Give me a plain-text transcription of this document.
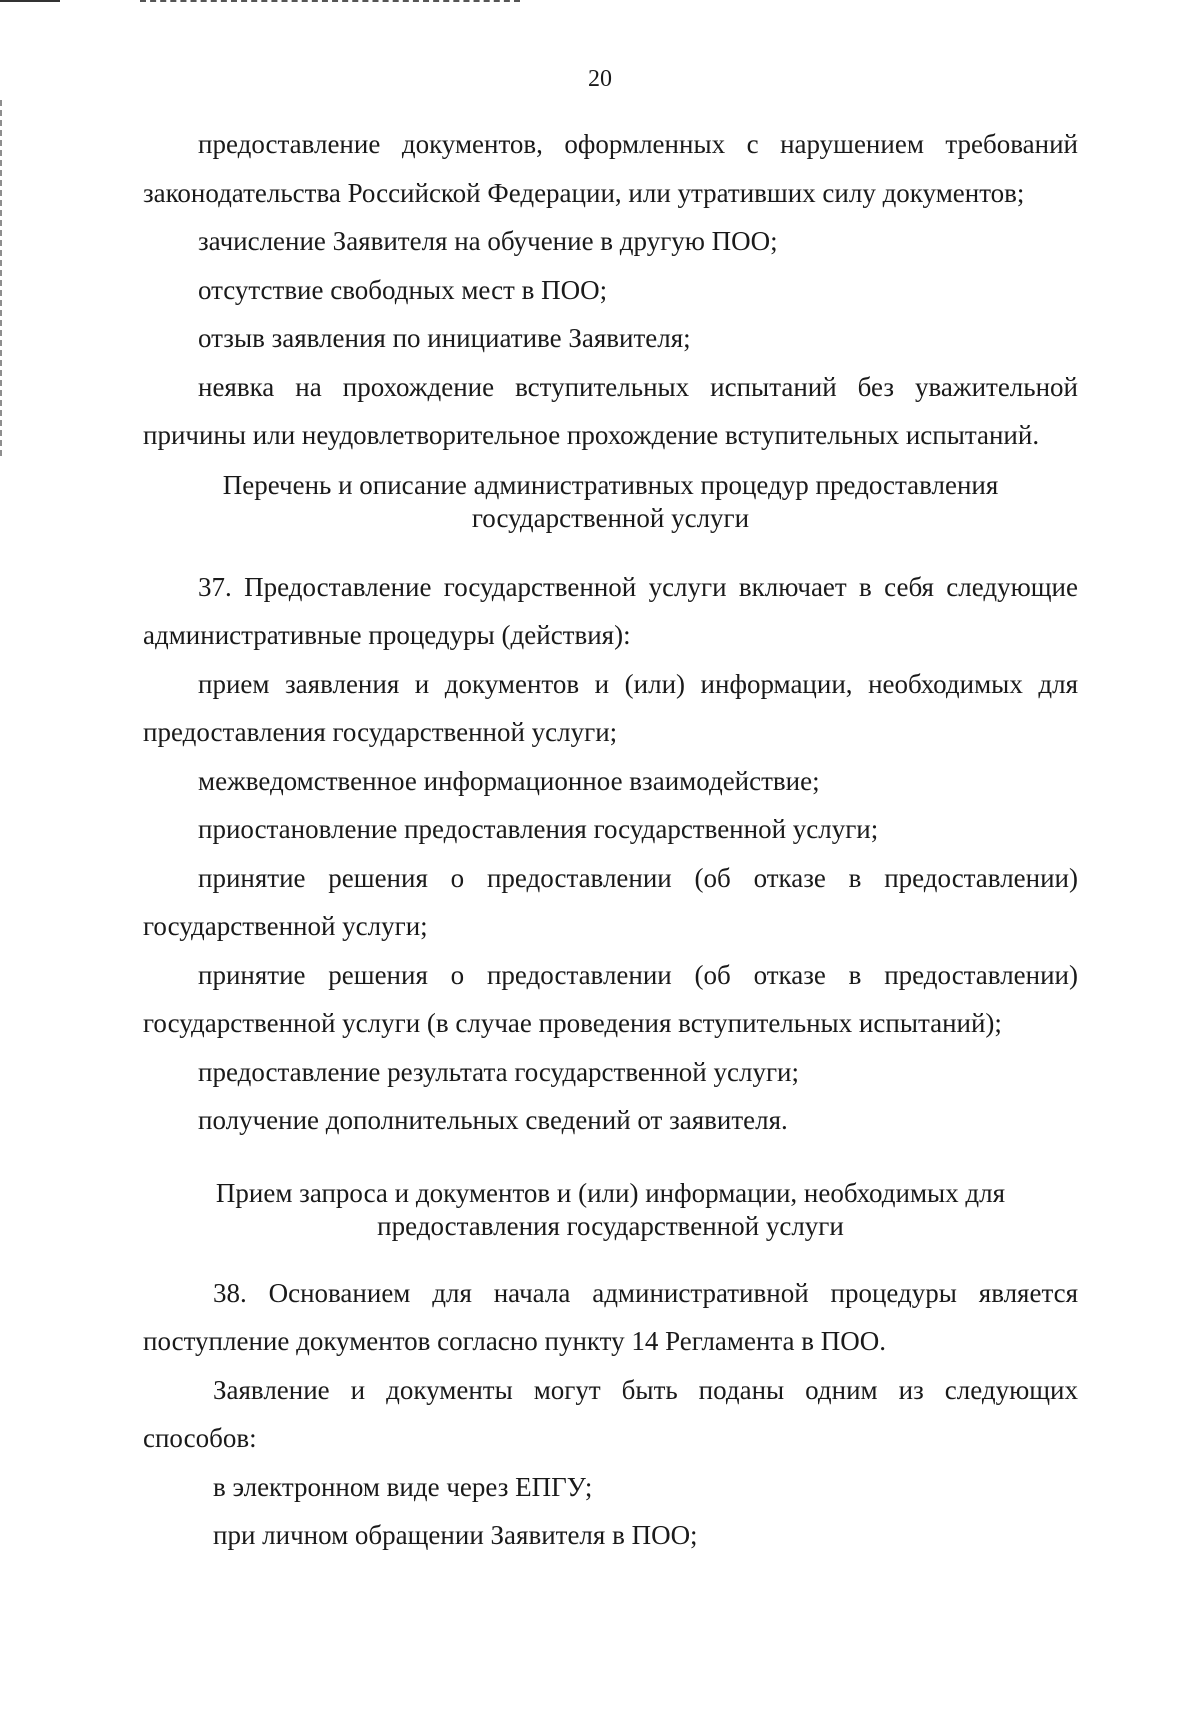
20

предоставление документов, оформленных с нарушением требований законодательства Российской Федерации, или утративших силу документов;

зачисление Заявителя на обучение в другую ПОО;

отсутствие свободных мест в ПОО;

отзыв заявления по инициативе Заявителя;

неявка на прохождение вступительных испытаний без уважительной причины или неудовлетворительное прохождение вступительных испытаний.

Перечень и описание административных процедур предоставления
государственной услуги

37. Предоставление государственной услуги включает в себя следующие административные процедуры (действия):

прием заявления и документов и (или) информации, необходимых для предоставления государственной услуги;

межведомственное информационное взаимодействие;

приостановление предоставления государственной услуги;

принятие решения о предоставлении (об отказе в предоставлении) государственной услуги;

принятие решения о предоставлении (об отказе в предоставлении) государственной услуги (в случае проведения вступительных испытаний);

предоставление результата государственной услуги;

получение дополнительных сведений от заявителя.

Прием запроса и документов и (или) информации, необходимых для
предоставления государственной услуги

38. Основанием для начала административной процедуры является поступление документов согласно пункту 14 Регламента в ПОО.

Заявление и документы могут быть поданы одним из следующих способов:

в электронном виде через ЕПГУ;

при личном обращении Заявителя в ПОО;
